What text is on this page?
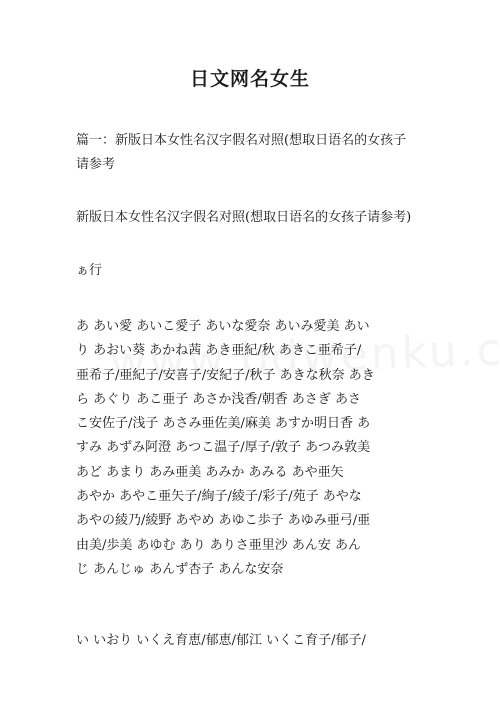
日文网名女生
篇一：新版日本女性名汉字假名对照(想取日语名的女孩子
请参考
新版日本女性名汉字假名对照(想取日语名的女孩子请参考)
ぁ行
あ あい愛 あいこ愛子 あいな愛奈 あいみ愛美 あい
り あおい葵 あかね茜 あき亜紀/秋 あきこ亜希子/
亜希子/亜紀子/安喜子/安紀子/秋子 あきな秋奈 あき
ら あぐり あこ亜子 あさか浅香/朝香 あさぎ あさ
こ安佐子/浅子 あさみ亜佐美/麻美 あすか明日香 あ
すみ あずみ阿澄 あつこ温子/厚子/敦子 あつみ敦美
あど あまり あみ亜美 あみか あみる あや亜矢
あやか あやこ亜矢子/絢子/綾子/彩子/苑子 あやな
あやの綾乃/綾野 あやめ あゆこ歩子 あゆみ亜弓/亜
由美/歩美 あゆむ あり ありさ亜里沙 あん安 あん
じ あんじゅ あんず杏子 あんな安奈
い いおり いくえ育恵/郁恵/郁江 いくこ育子/郁子/
